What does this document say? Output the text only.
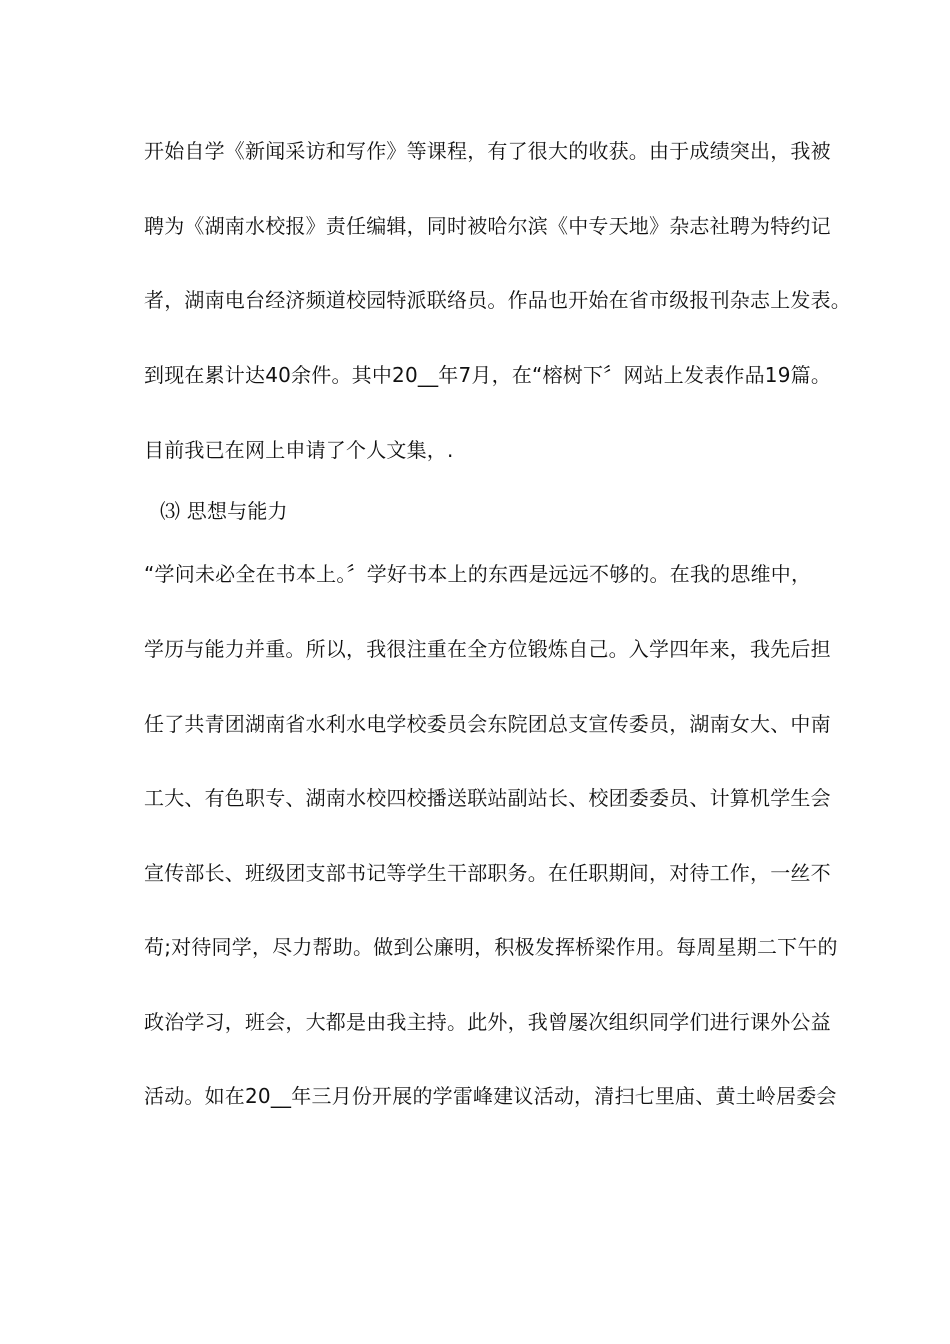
开始自学《新闻采访和写作》等课程，有了很大的收获。由于成绩突出，我被
聘为《湖南水校报》责任编辑，同时被哈尔滨《中专天地》杂志社聘为特约记
者，湖南电台经济频道校园特派联络员。作品也开始在省市级报刊杂志上发表。
到现在累计达40余件。其中20__年7月，在“榕树下〞网站上发表作品19篇。
目前我已在网上申请了个人文集，.
⑶ 思想与能力
“学问未必全在书本上。〞学好书本上的东西是远远不够的。在我的思维中，
学历与能力并重。所以，我很注重在全方位锻炼自己。入学四年来，我先后担
任了共青团湖南省水利水电学校委员会东院团总支宣传委员，湖南女大、中南
工大、有色职专、湖南水校四校播送联站副站长、校团委委员、计算机学生会
宣传部长、班级团支部书记等学生干部职务。在任职期间，对待工作，一丝不
苟;对待同学，尽力帮助。做到公廉明，积极发挥桥梁作用。每周星期二下午的
政治学习，班会，大都是由我主持。此外，我曾屡次组织同学们进行课外公益
活动。如在20__年三月份开展的学雷峰建议活动，清扫七里庙、黄土岭居委会
